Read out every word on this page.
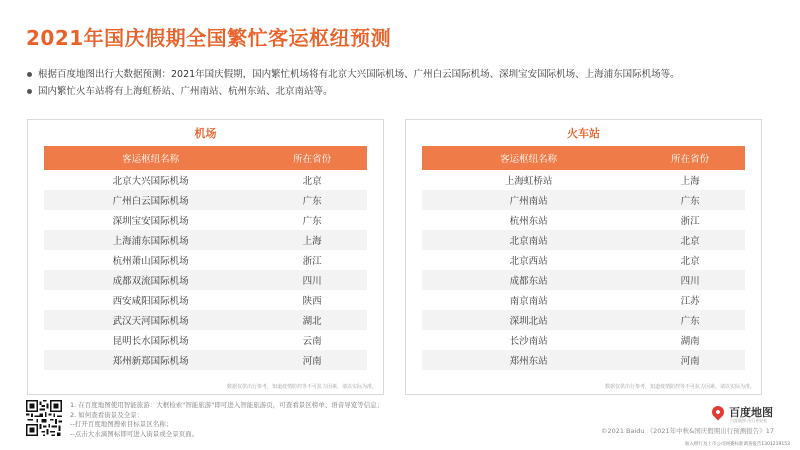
2021年国庆假期全国繁忙客运枢纽预测
根据百度地图出行大数据预测：2021年国庆假期，国内繁忙机场将有北京大兴国际机场、广州白云国际机场、深圳宝安国际机场、上海浦东国际机场等。
国内繁忙火车站将有上海虹桥站、广州南站、杭州东站、北京南站等。
机场
客运枢纽名称	所在省份
北京大兴国际机场	北京
广州白云国际机场	广东
深圳宝安国际机场	广东
上海浦东国际机场	上海
杭州萧山国际机场	浙江
成都双流国际机场	四川
西安咸阳国际机场	陕西
武汉天河国际机场	湖北
昆明长水国际机场	云南
郑州新郑国际机场	河南
数据仅供出行参考，知道疫情防控等不可抗力因素，请以实际为准。
火车站
客运枢纽名称	所在省份
上海虹桥站	上海
广州南站	广东
杭州东站	浙江
北京南站	北京
北京西站	北京
成都东站	四川
南京南站	江苏
深圳北站	广东
长沙南站	湖南
郑州东站	河南
数据仅供出行参考，知道疫情防控等不可抗力因素，请以实际为准。
1. 在百度地图使用智能旅游：大框检索"智能旅游"即可进入智能旅游页，可查看景区榜单、语音导览等信息；
2. 如何查看街景及全景：
--打开百度地图搜索目标景区名称；
--点击大水滴图标即可进入街景或全景页面。
百度地图
百度地图 出行更轻松
©2021 Baidu 《2021年中秋&国庆假期出行预测报告》17
加入组行及上市公司网赛标准调查报告1301219153
